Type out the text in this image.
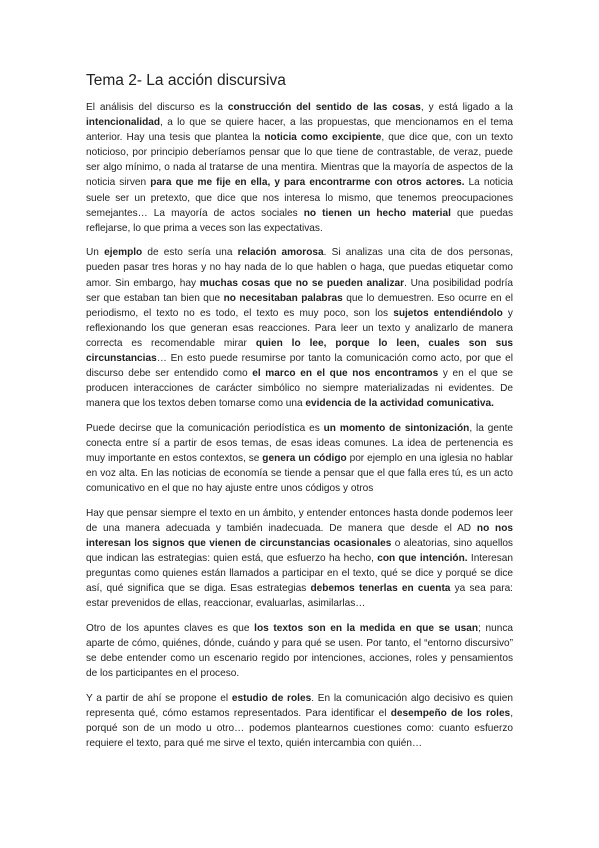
Tema 2- La acción discursiva

El análisis del discurso es la construcción del sentido de las cosas, y está ligado a la intencionalidad, a lo que se quiere hacer, a las propuestas, que mencionamos en el tema anterior. Hay una tesis que plantea la noticia como excipiente, que dice que, con un texto noticioso, por principio deberíamos pensar que lo que tiene de contrastable, de veraz, puede ser algo mínimo, o nada al tratarse de una mentira. Mientras que la mayoría de aspectos de la noticia sirven para que me fije en ella, y para encontrarme con otros actores. La noticia suele ser un pretexto, que dice que nos interesa lo mismo, que tenemos preocupaciones semejantes… La mayoría de actos sociales no tienen un hecho material que puedas reflejarse, lo que prima a veces son las expectativas.

Un ejemplo de esto sería una relación amorosa. Si analizas una cita de dos personas, pueden pasar tres horas y no hay nada de lo que hablen o haga, que puedas etiquetar como amor. Sin embargo, hay muchas cosas que no se pueden analizar. Una posibilidad podría ser que estaban tan bien que no necesitaban palabras que lo demuestren. Eso ocurre en el periodismo, el texto no es todo, el texto es muy poco, son los sujetos entendiéndolo y reflexionando los que generan esas reacciones. Para leer un texto y analizarlo de manera correcta es recomendable mirar quien lo lee, porque lo leen, cuales son sus circunstancias… En esto puede resumirse por tanto la comunicación como acto, por que el discurso debe ser entendido como el marco en el que nos encontramos y en el que se producen interacciones de carácter simbólico no siempre materializadas ni evidentes. De manera que los textos deben tomarse como una evidencia de la actividad comunicativa.

Puede decirse que la comunicación periodística es un momento de sintonización, la gente conecta entre sí a partir de esos temas, de esas ideas comunes. La idea de pertenencia es muy importante en estos contextos, se genera un código por ejemplo en una iglesia no hablar en voz alta. En las noticias de economía se tiende a pensar que el que falla eres tú, es un acto comunicativo en el que no hay ajuste entre unos códigos y otros

Hay que pensar siempre el texto en un ámbito, y entender entonces hasta donde podemos leer de una manera adecuada y también inadecuada. De manera que desde el AD no nos interesan los signos que vienen de circunstancias ocasionales o aleatorias, sino aquellos que indican las estrategias: quien está, que esfuerzo ha hecho, con que intención. Interesan preguntas como quienes están llamados a participar en el texto, qué se dice y porqué se dice así, qué significa que se diga. Esas estrategias debemos tenerlas en cuenta ya sea para: estar prevenidos de ellas, reaccionar, evaluarlas, asimilarlas…

Otro de los apuntes claves es que los textos son en la medida en que se usan; nunca aparte de cómo, quiénes, dónde, cuándo y para qué se usen. Por tanto, el “entorno discursivo” se debe entender como un escenario regido por intenciones, acciones, roles y pensamientos de los participantes en el proceso.

Y a partir de ahí se propone el estudio de roles. En la comunicación algo decisivo es quien representa qué, cómo estamos representados. Para identificar el desempeño de los roles, porqué son de un modo u otro… podemos plantearnos cuestiones como: cuanto esfuerzo requiere el texto, para qué me sirve el texto, quién intercambia con quién…
